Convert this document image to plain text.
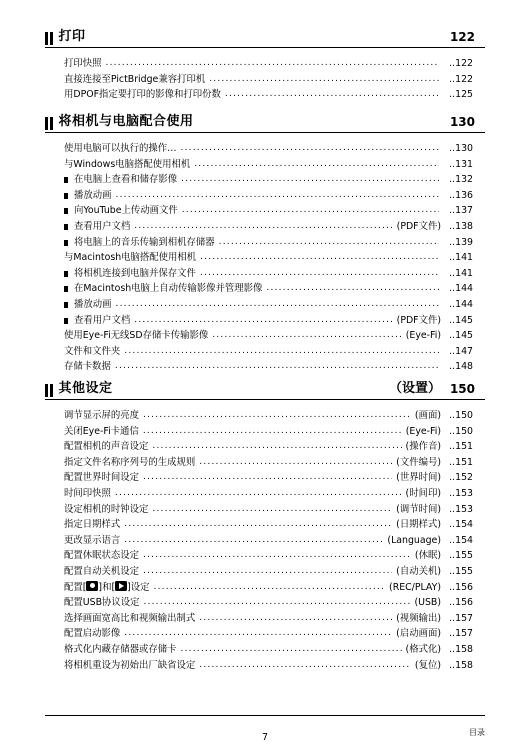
打印	122
打印快照 .....	..122
直接连接至PictBridge兼容打印机 .....	..122
用DPOF指定要打印的影像和打印份数 .....	..125
将相机与电脑配合使用	130
使用电脑可以执行的操作… .....	..130
与Windows电脑搭配使用相机 .....	..131
在电脑上查看和储存影像 .....	..132
播放动画 .....	..136
向YouTube上传动画文件 .....	..137
查看用户文档 .....	(PDF文件) ..138
将电脑上的音乐传输到相机存储器 .....	..139
与Macintosh电脑搭配使用相机 .....	..141
将相机连接到电脑并保存文件 .....	..141
在Macintosh电脑上自动传输影像并管理影像 .....	..144
播放动画 .....	..144
查看用户文档 .....	(PDF文件) ..145
使用Eye-Fi无线SD存储卡传输影像 .....	(Eye-Fi) ..145
文件和文件夹 .....	..147
存储卡数据 .....	..148
其他设定	（设置） 150
调节显示屏的亮度 .....	(画面) ..150
关闭Eye-Fi卡通信 .....	(Eye-Fi) ..150
配置相机的声音设定 .....	(操作音) ..151
指定文件名称序列号的生成规则 .....	(文件编号) ..151
配置世界时间设定 .....	(世界时间) ..152
时间印快照 .....	(时间印) ..153
设定相机的时钟设定 .....	(调节时间) ..153
指定日期样式 .....	(日期样式) ..154
更改显示语言 .....	(Language) ..154
配置休眠状态设定 .....	(休眠) ..155
配置自动关机设定 .....	(自动关机) ..155
配置[ ]和[ ]设定 .....	(REC/PLAY) ..156
配置USB协议设定 .....	(USB) ..156
选择画面宽高比和视频输出制式 .....	(视频输出) ..157
配置启动影像 .....	(启动画面) ..157
格式化内藏存储器或存储卡 .....	(格式化) ..158
将相机重设为初始出厂缺省设定 .....	(复位) ..158
7	目录
